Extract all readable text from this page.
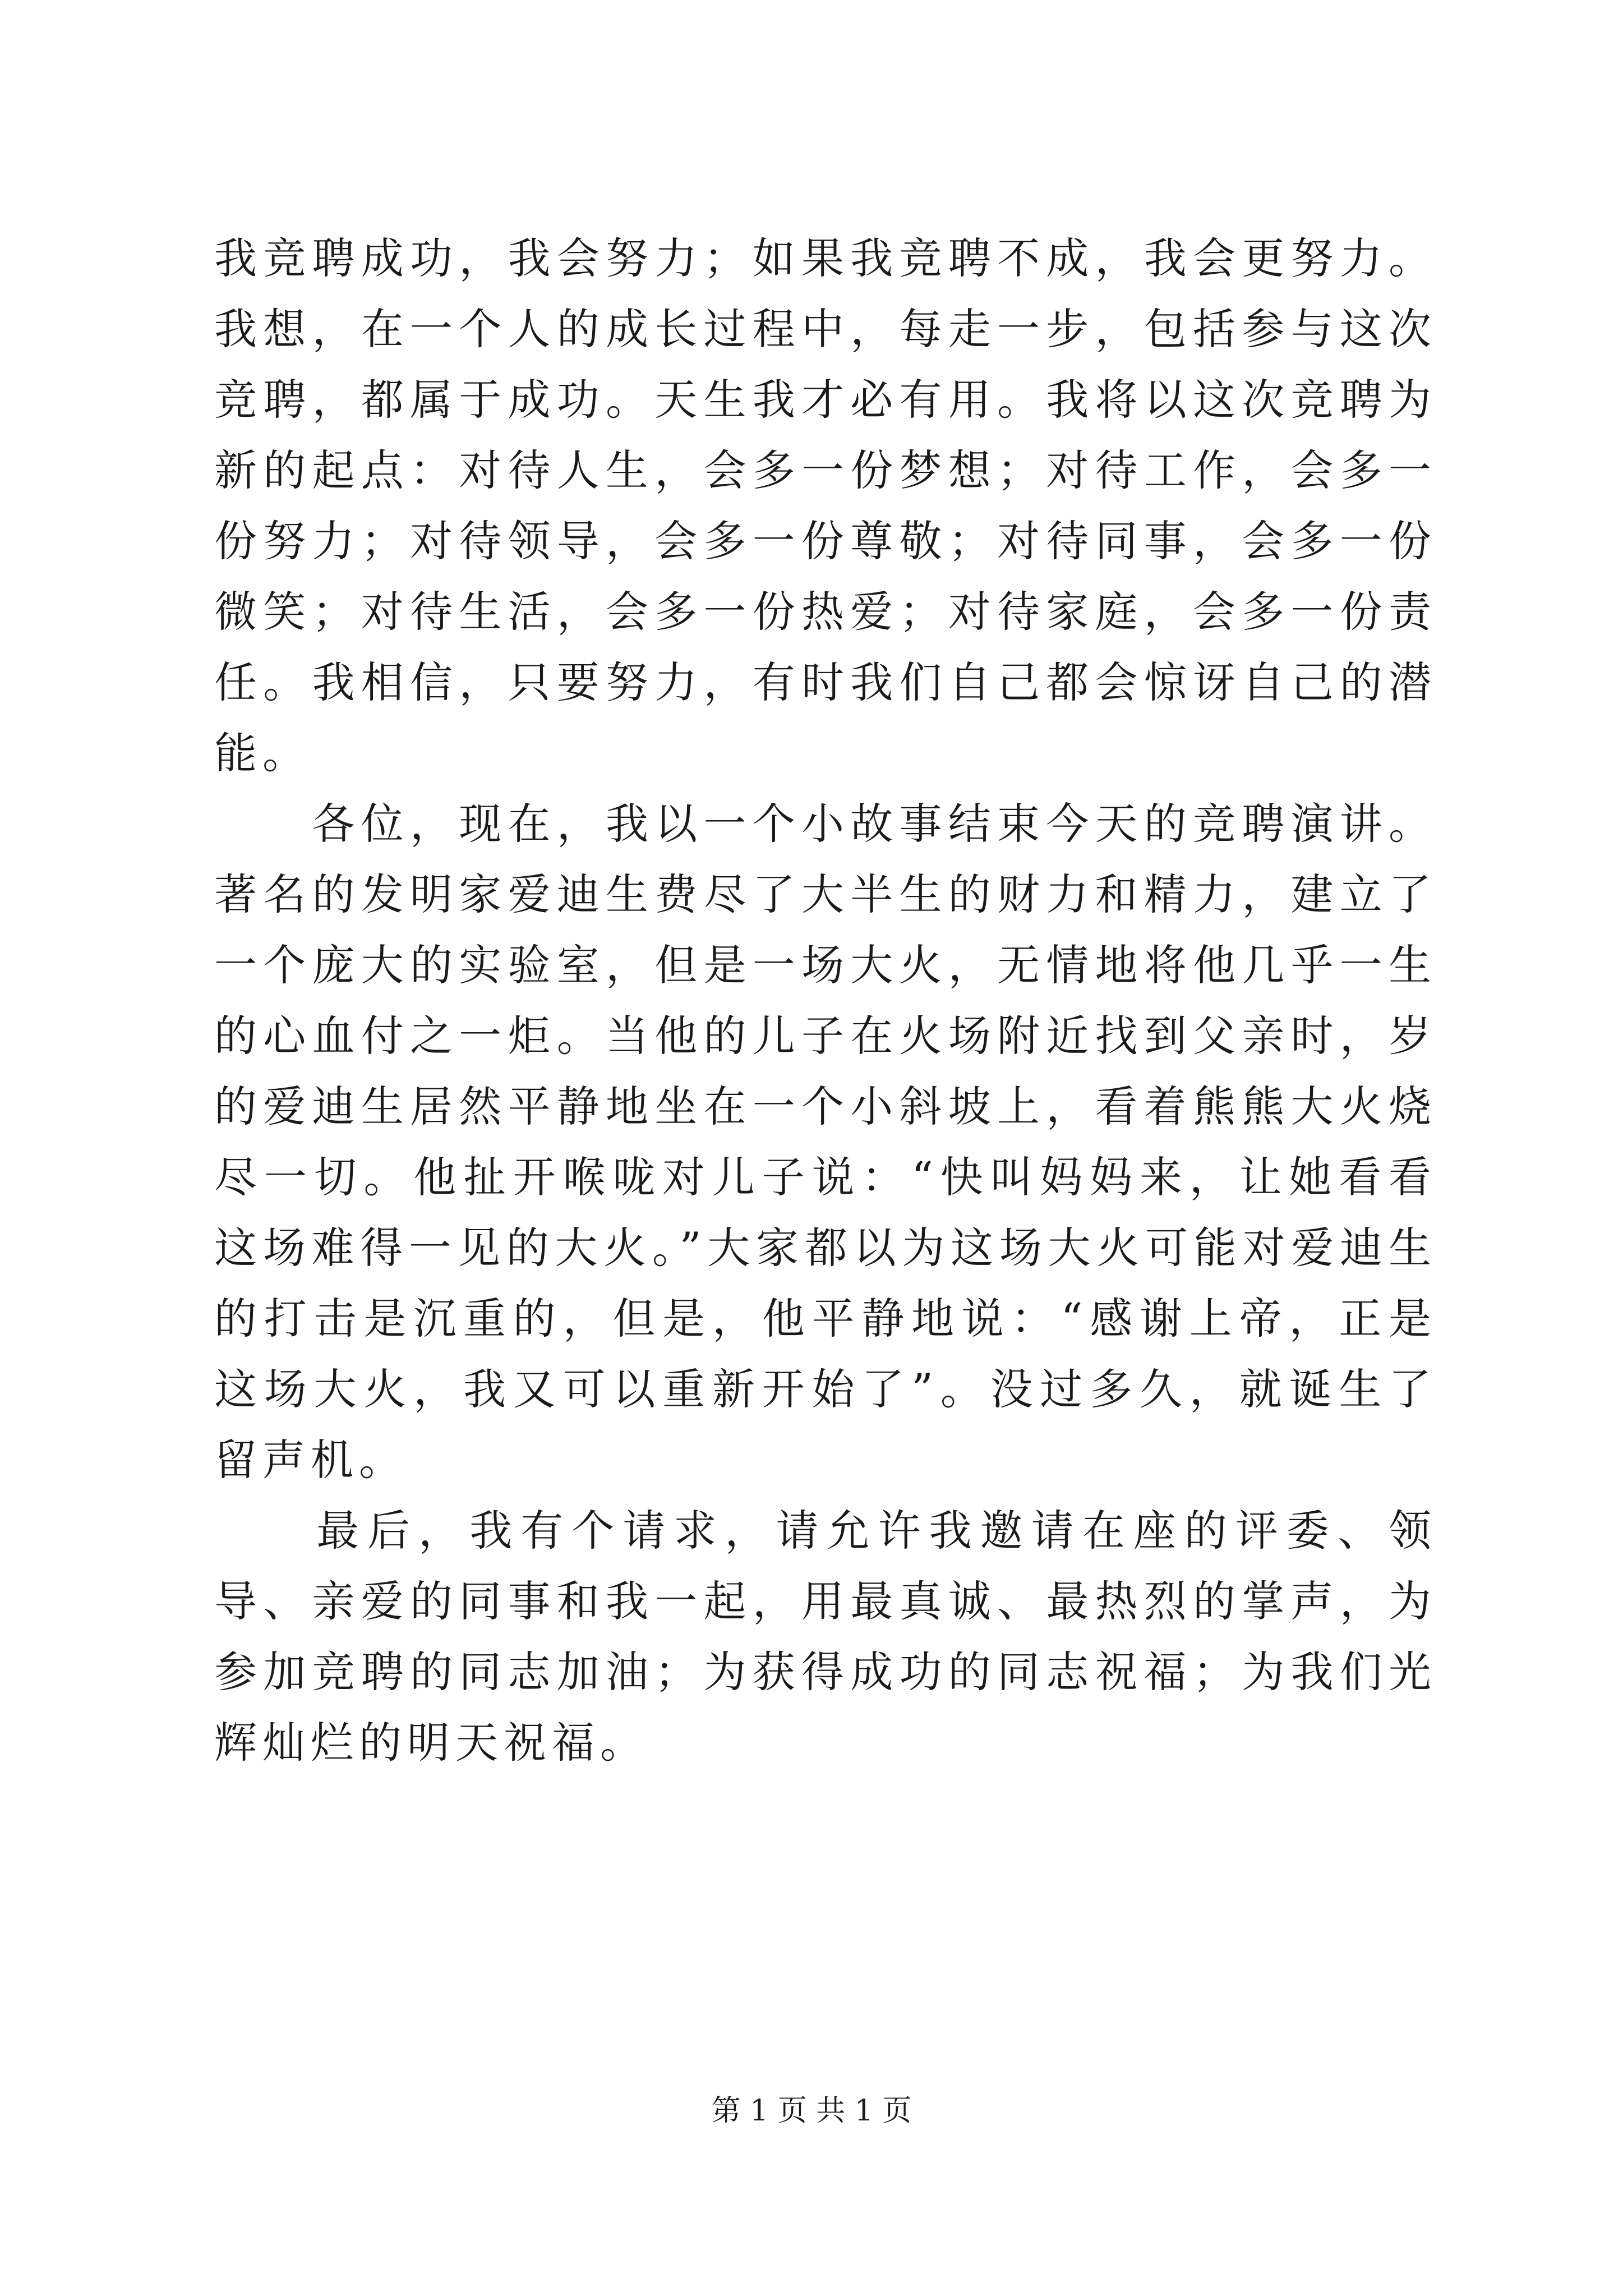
我竞聘成功，我会努力；如果我竞聘不成，我会更努力。我想，在一个人的成长过程中，每走一步，包括参与这次竞聘，都属于成功。天生我才必有用。我将以这次竞聘为新的起点：对待人生，会多一份梦想；对待工作，会多一份努力；对待领导，会多一份尊敬；对待同事，会多一份微笑；对待生活，会多一份热爱；对待家庭，会多一份责任。我相信，只要努力，有时我们自己都会惊讶自己的潜能。

　　各位，现在，我以一个小故事结束今天的竞聘演讲。著名的发明家爱迪生费尽了大半生的财力和精力，建立了一个庞大的实验室，但是一场大火，无情地将他几乎一生的心血付之一炬。当他的儿子在火场附近找到父亲时，岁的爱迪生居然平静地坐在一个小斜坡上，看着熊熊大火烧尽一切。他扯开喉咙对儿子说：“快叫妈妈来，让她看看这场难得一见的大火。”大家都以为这场大火可能对爱迪生的打击是沉重的，但是，他平静地说：“感谢上帝，正是这场大火，我又可以重新开始了”。没过多久，就诞生了留声机。

　　最后，我有个请求，请允许我邀请在座的评委、领导、亲爱的同事和我一起，用最真诚、最热烈的掌声，为参加竞聘的同志加油；为获得成功的同志祝福；为我们光辉灿烂的明天祝福。

第 1 页 共 1 页
